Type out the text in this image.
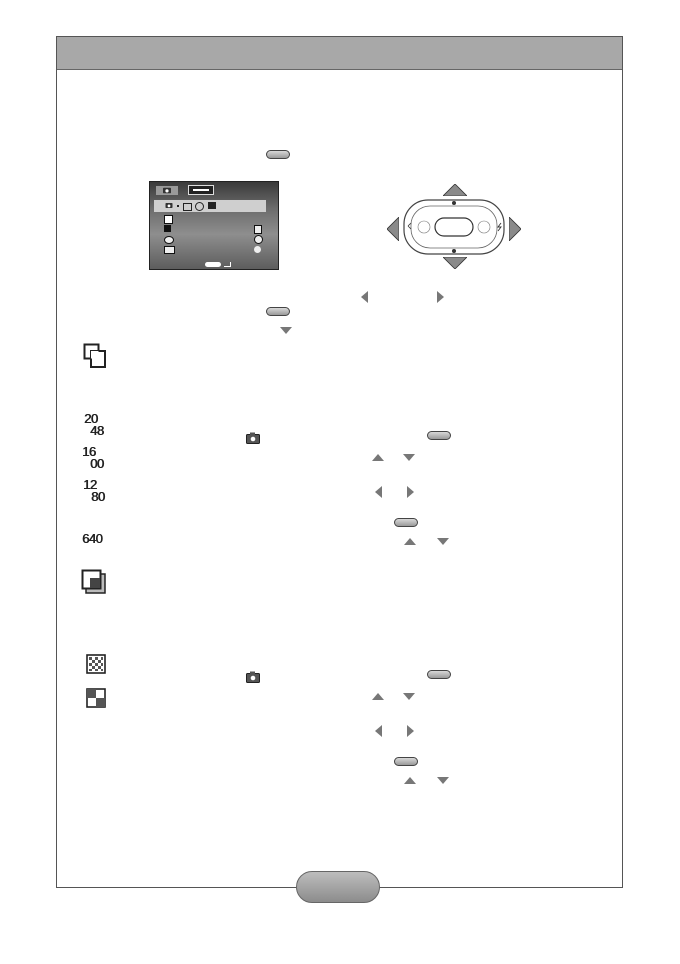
20
48
16
00
12
80
640
